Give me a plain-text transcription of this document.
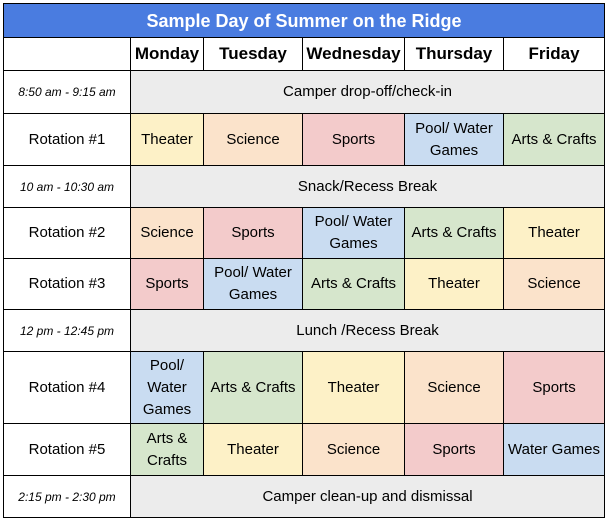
Sample Day of Summer on the Ridge					
	Monday	Tuesday	Wednesday	Thursday	Friday
8:50 am - 9:15 am	Camper drop-off/check-in				
Rotation #1	Theater	Science	Sports	Pool/ Water Games	Arts & Crafts
10 am - 10:30 am	Snack/Recess Break				
Rotation #2	Science	Sports	Pool/ Water Games	Arts & Crafts	Theater
Rotation #3	Sports	Pool/ Water Games	Arts & Crafts	Theater	Science
12 pm - 12:45 pm	Lunch /Recess Break				
Rotation #4	Pool/ Water Games	Arts & Crafts	Theater	Science	Sports
Rotation #5	Arts & Crafts	Theater	Science	Sports	Water Games
2:15 pm - 2:30 pm	Camper clean-up and dismissal				
